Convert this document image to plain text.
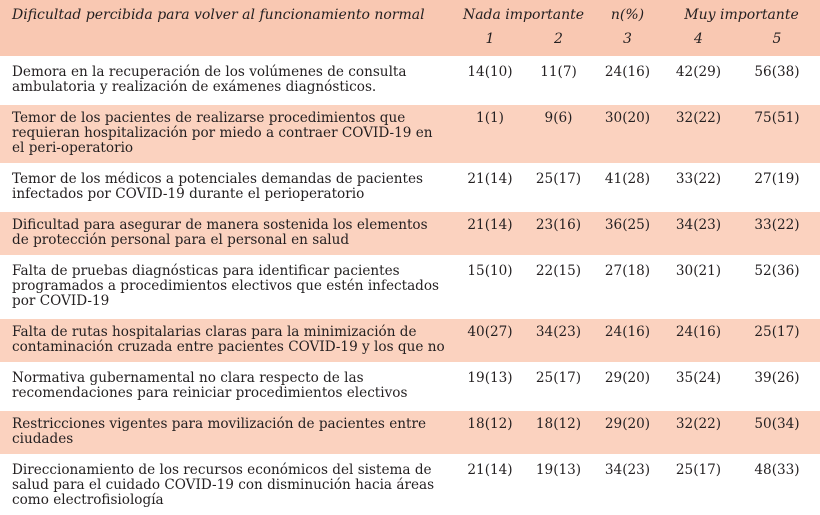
Dificultad percibida para volver al funcionamiento normal	Nada importante		n(%)	Muy importante	
	1	2	3	4	5
Demora en la recuperación de los volúmenes de consulta ambulatoria y realización de exámenes diagnósticos.	14(10)	11(7)	24(16)	42(29)	56(38)
Temor de los pacientes de realizarse procedimientos que requieran hospitalización por miedo a contraer COVID-19 en el peri-operatorio	1(1)	9(6)	30(20)	32(22)	75(51)
Temor de los médicos a potenciales demandas de pacientes infectados por COVID-19 durante el perioperatorio	21(14)	25(17)	41(28)	33(22)	27(19)
Dificultad para asegurar de manera sostenida los elementos de protección personal para el personal en salud	21(14)	23(16)	36(25)	34(23)	33(22)
Falta de pruebas diagnósticas para identificar pacientes programados a procedimientos electivos que estén infectados por COVID-19	15(10)	22(15)	27(18)	30(21)	52(36)
Falta de rutas hospitalarias claras para la minimización de contaminación cruzada entre pacientes COVID-19 y los que no	40(27)	34(23)	24(16)	24(16)	25(17)
Normativa gubernamental no clara respecto de las recomendaciones para reiniciar procedimientos electivos	19(13)	25(17)	29(20)	35(24)	39(26)
Restricciones vigentes para movilización de pacientes entre ciudades	18(12)	18(12)	29(20)	32(22)	50(34)
Direccionamiento de los recursos económicos del sistema de salud para el cuidado COVID-19 con disminución hacia áreas como electrofisiología	21(14)	19(13)	34(23)	25(17)	48(33)
